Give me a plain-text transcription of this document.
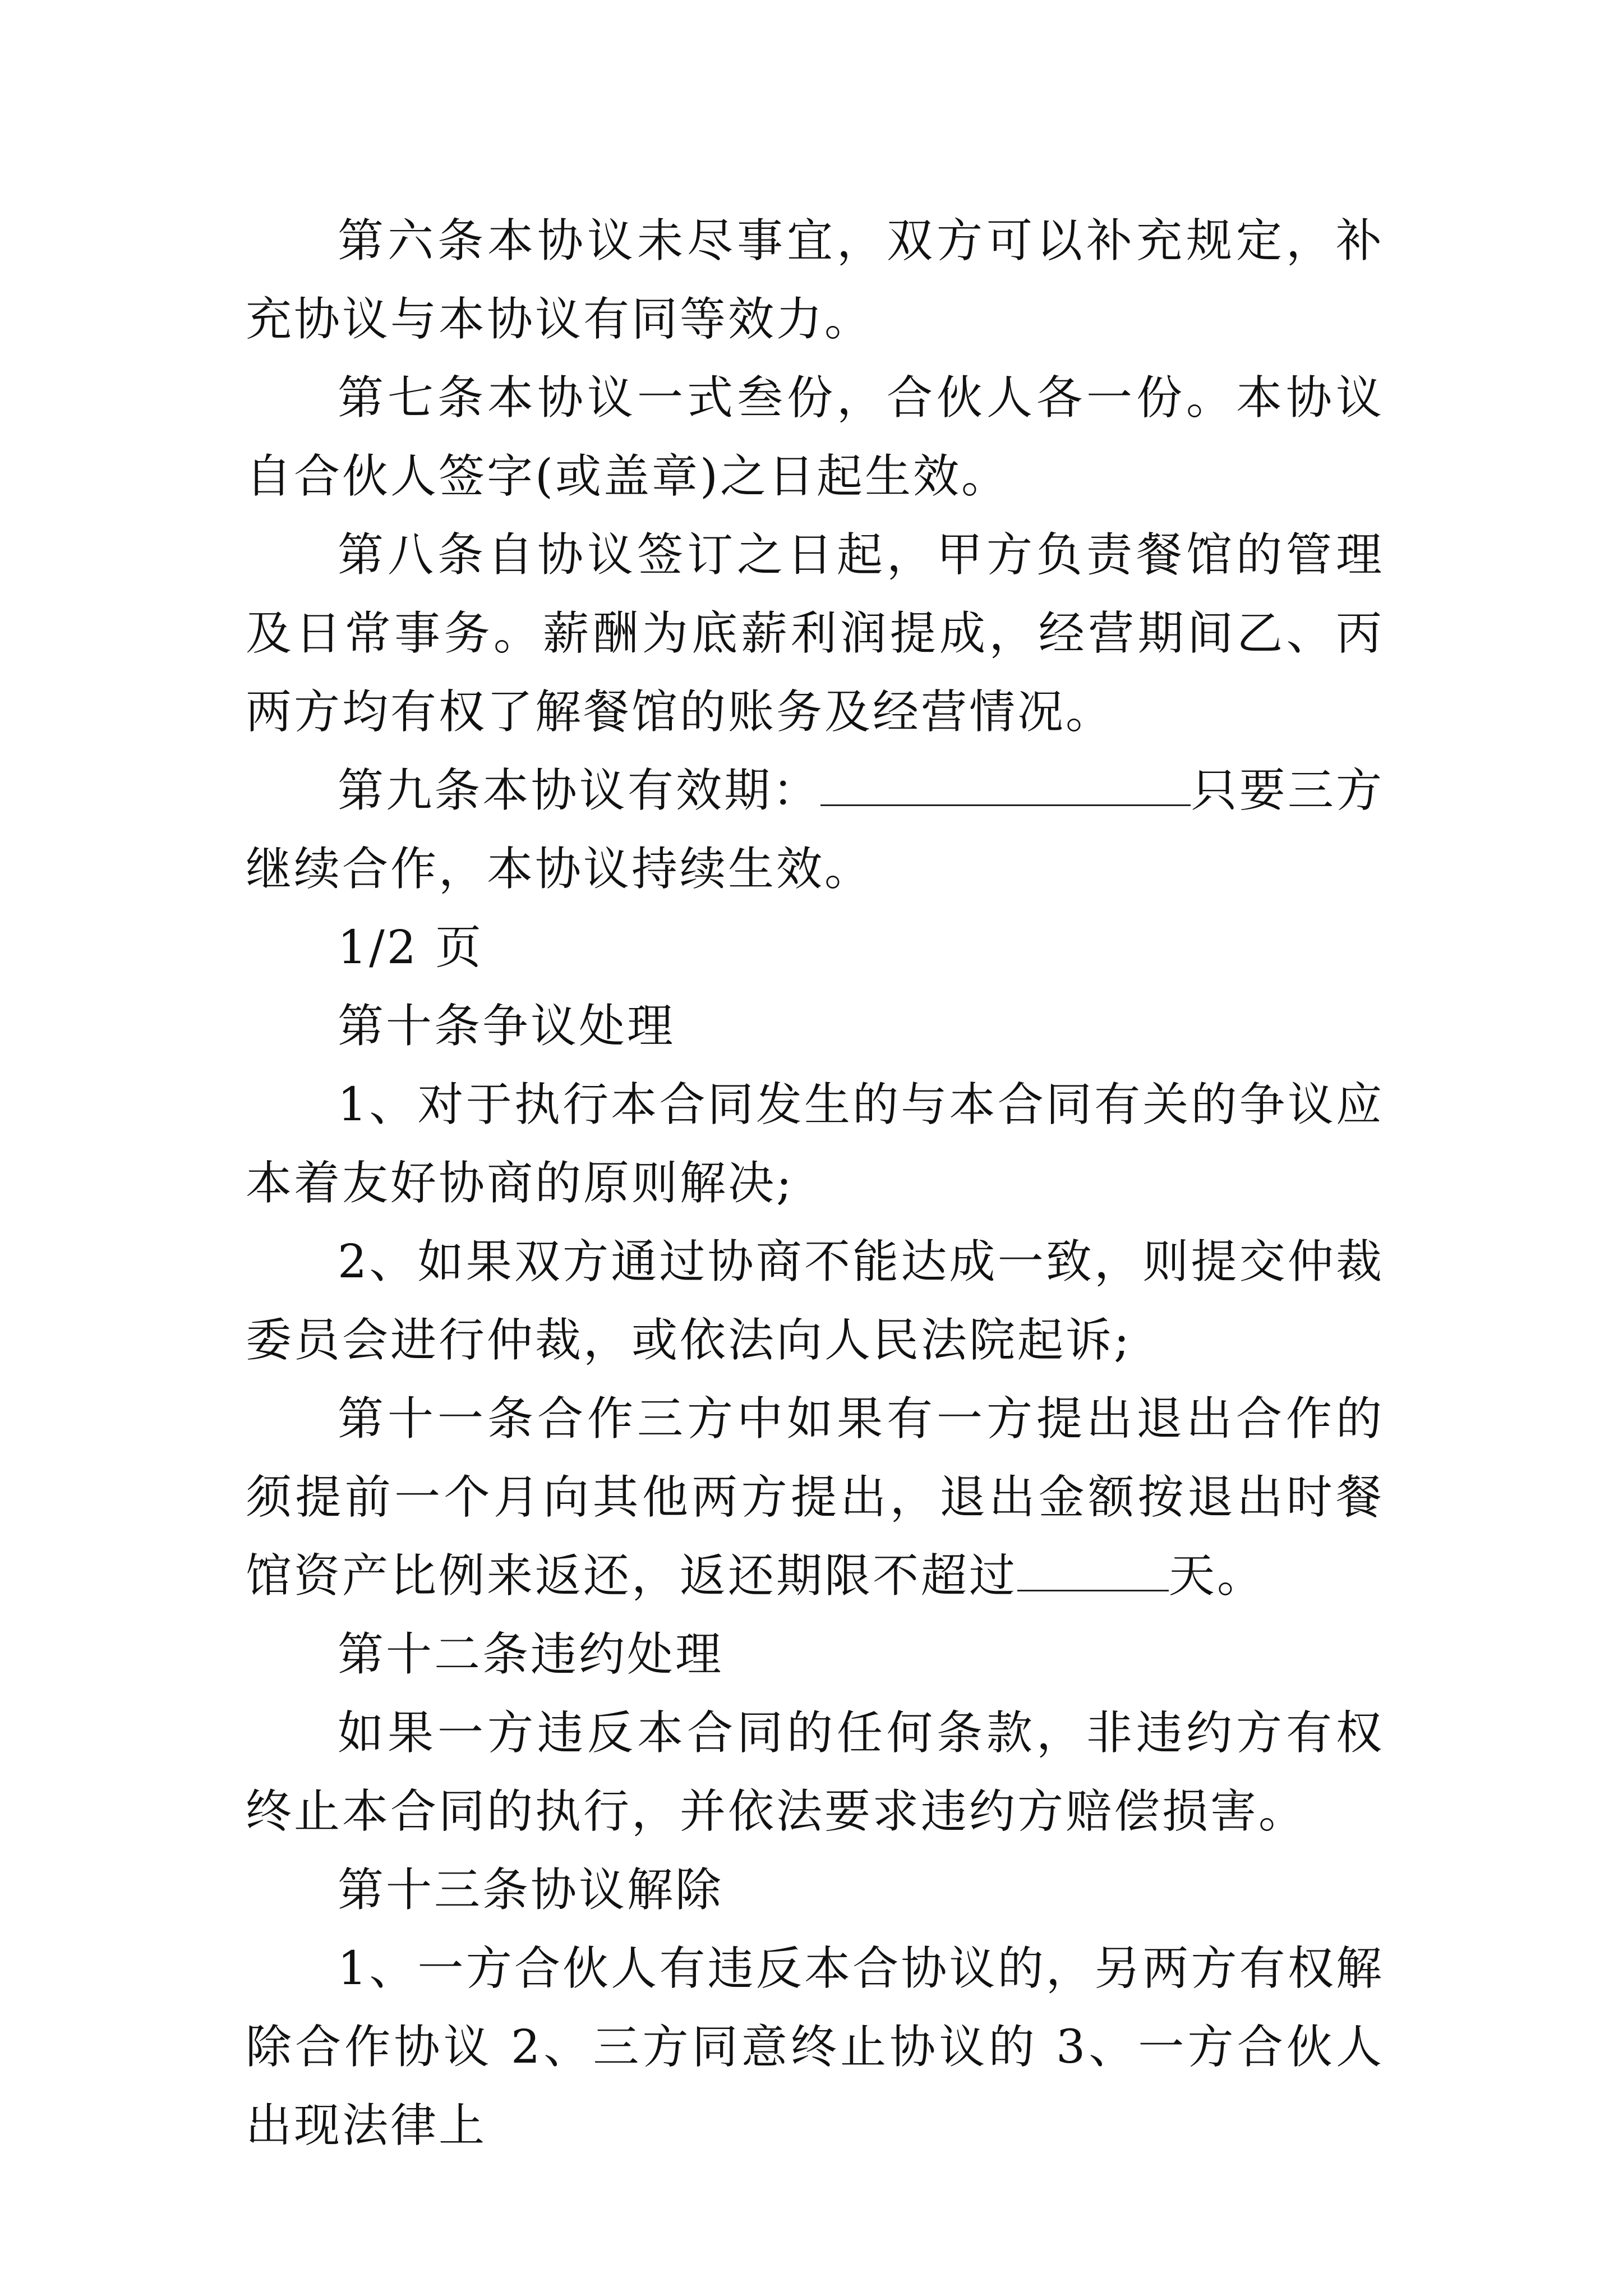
第六条本协议未尽事宜，双方可以补充规定，补充协议与本协议有同等效力。

第七条本协议一式叁份，合伙人各一份。本协议自合伙人签字(或盖章)之日起生效。

第八条自协议签订之日起，甲方负责餐馆的管理及日常事务。薪酬为底薪利润提成，经营期间乙、丙两方均有权了解餐馆的账务及经营情况。

第九条本协议有效期：	只要三方继续合作，本协议持续生效。

1/2 页

第十条争议处理

1、对于执行本合同发生的与本合同有关的争议应本着友好协商的原则解决;

2、如果双方通过协商不能达成一致，则提交仲裁委员会进行仲裁，或依法向人民法院起诉;

第十一条合作三方中如果有一方提出退出合作的须提前一个月向其他两方提出，退出金额按退出时餐馆资产比例来返还，返还期限不超过	天。

第十二条违约处理

如果一方违反本合同的任何条款，非违约方有权终止本合同的执行，并依法要求违约方赔偿损害。

第十三条协议解除

1、一方合伙人有违反本合协议的，另两方有权解除合作协议 2、三方同意终止协议的 3、一方合伙人出现法律上
